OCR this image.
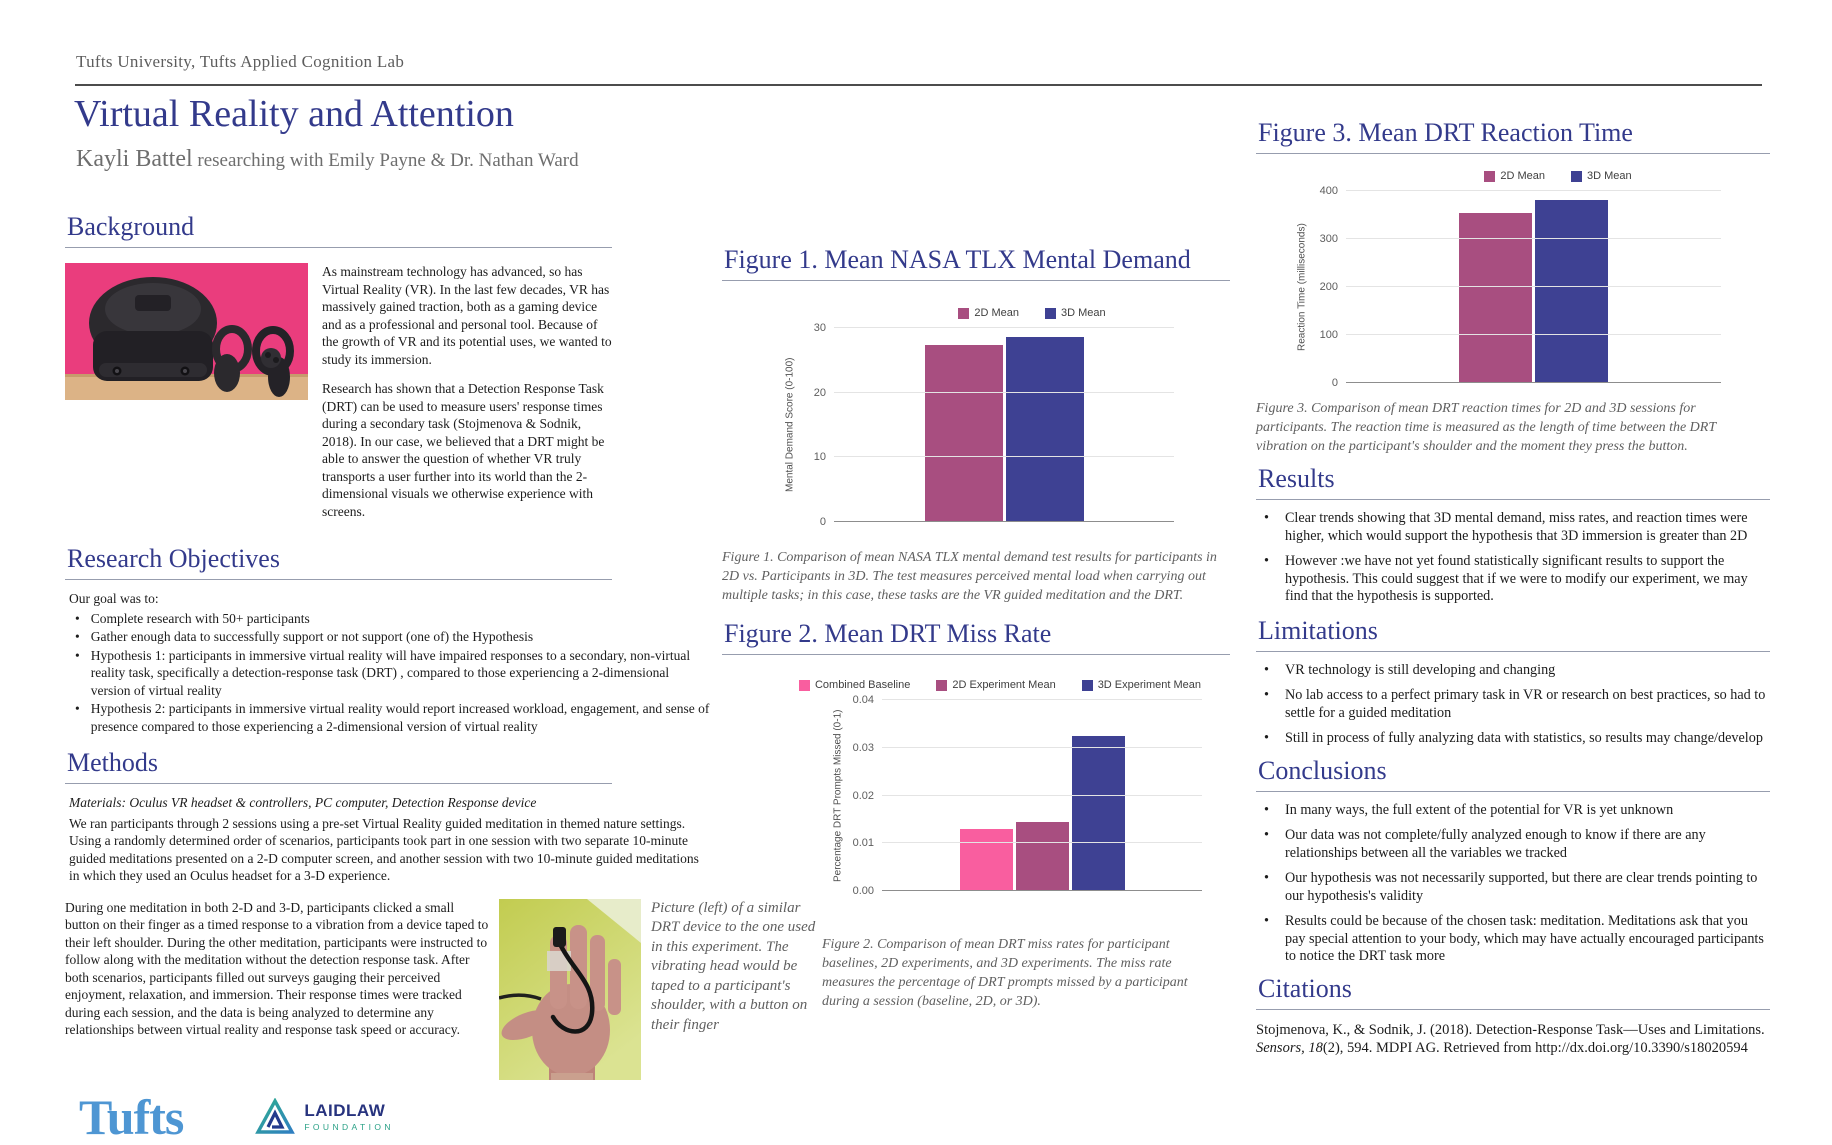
Tufts University, Tufts Applied Cognition Lab
Virtual Reality and Attention
Kayli Battel researching with Emily Payne & Dr. Nathan Ward
Background

As mainstream technology has advanced, so has Virtual Reality (VR). In the last few decades, VR has massively gained traction, both as a gaming device and as a professional and personal tool. Because of the growth of VR and its potential uses, we wanted to study its immersion.

Research has shown that a Detection Response Task (DRT) can be used to measure users' response times during a secondary task (Stojmenova & Sodnik, 2018). In our case, we believed that a DRT might be able to answer the question of whether VR truly transports a user further into its world than the 2-dimensional visuals we otherwise experience with screens.

Research Objectives
Our goal was to:
• Complete research with 50+ participants
• Gather enough data to successfully support or not support (one of) the Hypothesis
• Hypothesis 1: participants in immersive virtual reality will have impaired responses to a secondary, non-virtual reality task, specifically a detection-response task (DRT) , compared to those experiencing a 2-dimensional version of virtual reality
• Hypothesis 2: participants in immersive virtual reality would report increased workload, engagement, and sense of presence compared to those experiencing a 2-dimensional version of virtual reality
Methods
Materials: Oculus VR headset & controllers, PC computer, Detection Response device
We ran participants through 2 sessions using a pre-set Virtual Reality guided meditation in themed nature settings. Using a randomly determined order of scenarios, participants took part in one session with two separate 10-minute guided meditations presented on a 2-D computer screen, and another session with two 10-minute guided meditations in which they used an Oculus headset for a 3-D experience.
During one meditation in both 2-D and 3-D, participants clicked a small button on their finger as a timed response to a vibration from a device taped to their left shoulder. During the other meditation, participants were instructed to follow along with the meditation without the detection response task. After both scenarios, participants filled out surveys gauging their perceived enjoyment, relaxation, and immersion. Their response times were tracked during each session, and the data is being analyzed to determine any relationships between virtual reality and response task speed or accuracy.
Picture (left) of a similar DRT device to the one used in this experiment. The vibrating head would be taped to a participant's shoulder, with a button on their finger
Tufts	LAIDLAW
FOUNDATION
Figure 1. Mean NASA TLX Mental Demand
2D Mean	3D Mean
Mental Demand Score (0-100)
0
10
20
30

Figure 1. Comparison of mean NASA TLX mental demand test results for participants in 2D vs. Participants in 3D. The test measures perceived mental load when carrying out multiple tasks; in this case, these tasks are the VR guided meditation and the DRT.

Figure 2. Mean DRT Miss Rate
Combined Baseline	2D Experiment Mean	3D Experiment Mean
Percentage DRT Prompts Missed (0-1)
0.00
0.01
0.02
0.03
0.04

Figure 2. Comparison of mean DRT miss rates for participant baselines, 2D experiments, and 3D experiments. The miss rate measures the percentage of DRT prompts missed by a participant during a session (baseline, 2D, or 3D).

Figure 3. Mean DRT Reaction Time
2D Mean	3D Mean
Reaction Time (milliseconds)
0
100
200
300
400

Figure 3. Comparison of mean DRT reaction times for 2D and 3D sessions for participants. The reaction time is measured as the length of time between the DRT vibration on the participant's shoulder and the moment they press the button.

Results
• Clear trends showing that 3D mental demand, miss rates, and reaction times were higher, which would support the hypothesis that 3D immersion is greater than 2D
• However :we have not yet found statistically significant results to support the hypothesis. This could suggest that if we were to modify our experiment, we may find that the hypothesis is supported.
Limitations
• VR technology is still developing and changing
• No lab access to a perfect primary task in VR or research on best practices, so had to settle for a guided meditation
• Still in process of fully analyzing data with statistics, so results may change/develop
Conclusions
• In many ways, the full extent of the potential for VR is yet unknown
• Our data was not complete/fully analyzed enough to know if there are any relationships between all the variables we tracked
• Our hypothesis was not necessarily supported, but there are clear trends pointing to our hypothesis's validity
• Results could be because of the chosen task: meditation. Meditations ask that you pay special attention to your body, which may have actually encouraged participants to notice the DRT task more
Citations
Stojmenova, K., & Sodnik, J. (2018). Detection-Response Task—Uses and Limitations. Sensors, 18(2), 594. MDPI AG. Retrieved from http://dx.doi.org/10.3390/s18020594
